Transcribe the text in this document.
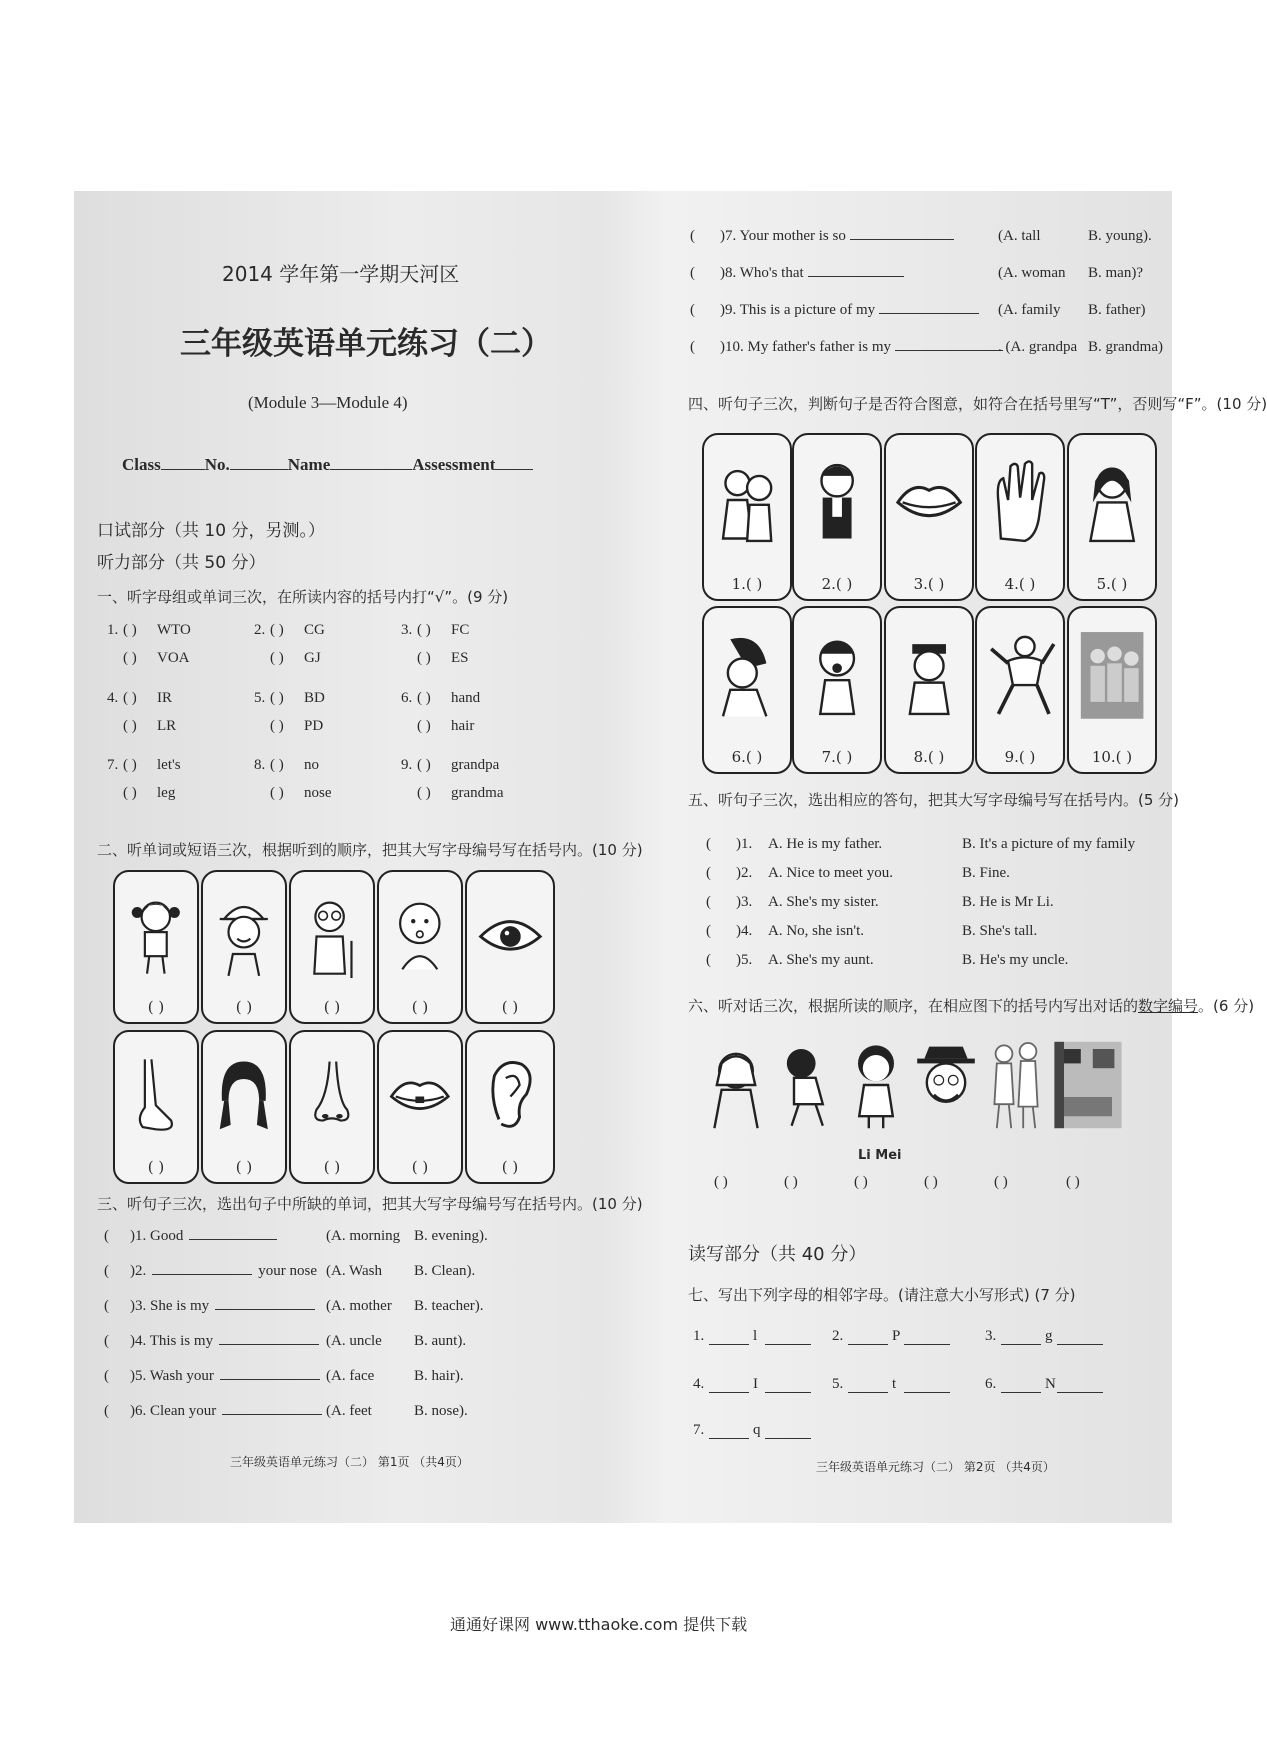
2014 学年第一学期天河区
三年级英语单元练习（二）
(Module 3—Module 4)
Class	No.	Name	Assessment
口试部分（共 10 分，另测。）
听力部分（共 50 分）
一、听字母组或单词三次，在所读内容的括号内打“√”。(9 分)
1. ( ) WTO
( ) VOA
2. ( ) CG
( ) GJ
3. ( ) FC
( ) ES
4. ( ) IR
( ) LR
5. ( ) BD
( ) PD
6. ( ) hand
( ) hair
7. ( ) let's
( ) leg
8. ( ) no
( ) nose
9. ( ) grandpa
( ) grandma
二、听单词或短语三次，根据听到的顺序，把其大写字母编号写在括号内。(10 分)
( )	( )	( )	( )	( )
( )	( )	( )	( )	( )
三、听句子三次，选出句子中所缺的单词，把其大写字母编号写在括号内。(10 分)
( )1. Good	(A. morning B. evening).
( )2.	your nose (A. Wash B. Clean).
( )3. She is my	(A. mother B. teacher).
( )4. This is my	(A. uncle B. aunt).
( )5. Wash your	(A. face	B. hair).
( )6. Clean your	(A. feet	B. nose).
三年级英语单元练习（二） 第1页 （共4页）
( )7. Your mother is so	(A. tall	B. young).
( )8. Who's that	(A. woman B. man)?
( )9. This is a picture of my	(A. family B. father)
( )10. My father's father is my	. (A. grandpa B. grandma)
四、听句子三次，判断句子是否符合图意，如符合在括号里写“T”，否则写“F”。(10 分)
1.( )	2.( )	3.( )	4.( )	5.( )
6.( )	7.( )	8.( )	9.( )	10.( )
五、听句子三次，选出相应的答句，把其大写字母编号写在括号内。(5 分)
( )1. A. He is my father.	B. It's a picture of my family
( )2. A. Nice to meet you.	B. Fine.
( )3. A. She's my sister.	B. He is Mr Li.
( )4. A. No, she isn't.	B. She's tall.
( )5. A. She's my aunt.	B. He's my uncle.
六、听对话三次，根据所读的顺序，在相应图下的括号内写出对话的数字编号。(6 分)
( )	( )	( )	( )	( )	( )
Li Mei
读写部分（共 40 分）
七、写出下列字母的相邻字母。(请注意大小写形式) (7 分)
1.	l	2.	P	3.	g
4.	I	5.	t	6.	N
7.	q
三年级英语单元练习（二） 第2页 （共4页）
通通好课网 www.tthaoke.com 提供下载
